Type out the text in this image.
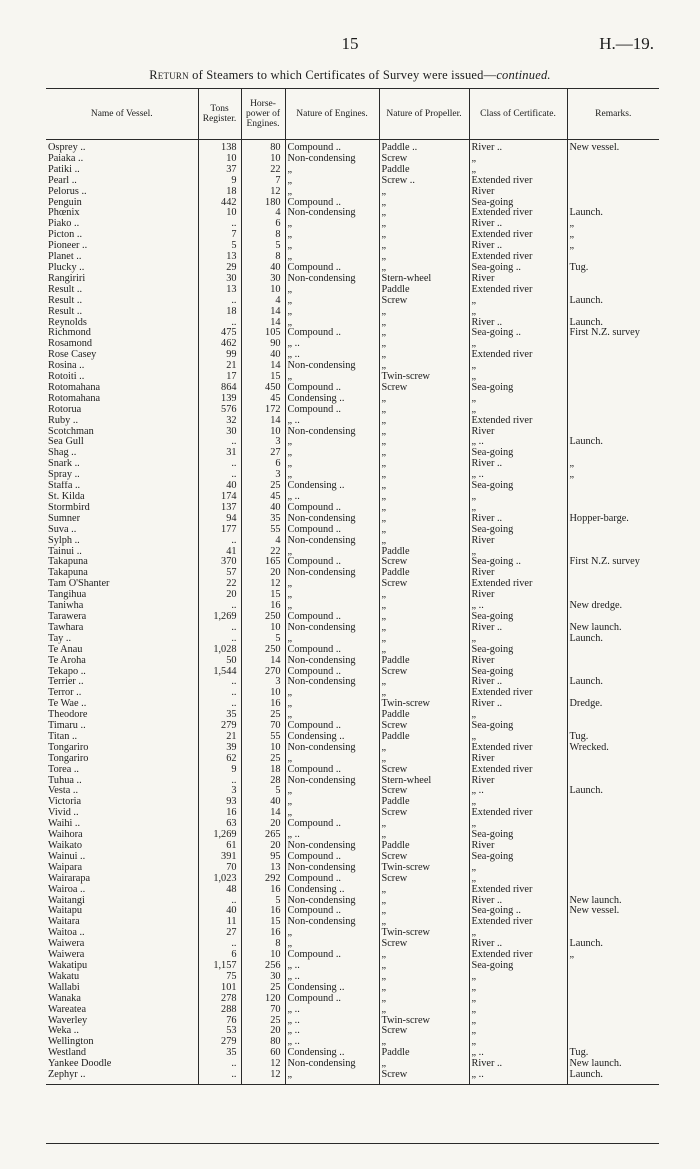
15	H.—19.
Return of Steamers to which Certificates of Survey were issued—continued.
Name of Vessel.	Tons Register.	Horse-power of Engines.	Nature of Engines.	Nature of Propeller.	Class of Certificate.	Remarks.
Osprey ..	138	80	Compound ..	Paddle ..	River ..	New vessel.
Paiaka ..	10	10	Non-condensing	Screw	„	
Patiki ..	37	22	„	Paddle	„	
Pearl ..	9	7	„	Screw ..	Extended river	
Pelorus ..	18	12	„	„	River	
Penguin	442	180	Compound ..	„	Sea-going	
Phœnix	10	4	Non-condensing	„	Extended river	Launch.
Piako ..	..	6	„	„	River ..	„
Picton ..	7	8	„	„	Extended river	„
Pioneer ..	5	5	„	„	River ..	„
Planet ..	13	8	„	„	Extended river	
Plucky ..	29	40	Compound ..	„	Sea-going ..	Tug.
Rangiriri	30	30	Non-condensing	Stern-wheel	River	
Result ..	13	10	„	Paddle	Extended river	
Result ..	..	4	„	Screw	„	Launch.
Result ..	18	14	„	„	„	
Reynolds	..	14	„	„	River ..	Launch.
Richmond	475	105	Compound ..	„	Sea-going ..	First N.Z. survey
Rosamond	462	90	„ ..	„	„	
Rose Casey	99	40	„ ..	„	Extended river	
Rosina ..	21	14	Non-condensing	„	„	
Rotoiti ..	17	15	„	Twin-screw	„	
Rotomahana	864	450	Compound ..	Screw	Sea-going	
Rotomahana	139	45	Condensing ..	„	„	
Rotorua	576	172	Compound ..	„	„	
Ruby ..	32	14	„ ..	„	Extended river	
Scotchman	30	10	Non-condensing	„	River	
Sea Gull	..	3	„	„	„ ..	Launch.
Shag ..	31	27	„	„	Sea-going	
Snark ..	..	6	„	„	River ..	„
Spray ..	..	3	„	„	„ ..	„
Staffa ..	40	25	Condensing ..	„	Sea-going	
St. Kilda	174	45	„ ..	„	„	
Stormbird	137	40	Compound ..	„	„	
Sumner	94	35	Non-condensing	„	River ..	Hopper-barge.
Suva ..	177	55	Compound ..	„	Sea-going	
Sylph ..	..	4	Non-condensing	„	River	
Tainui ..	41	22	„	Paddle	„	
Takapuna	370	165	Compound ..	Screw	Sea-going ..	First N.Z. survey
Takapuna	57	20	Non-condensing	Paddle	River	
Tam O'Shanter	22	12	„	Screw	Extended river	
Tangihua	20	15	„	„	River	
Taniwha	..	16	„	„	„ ..	New dredge.
Tarawera	1,269	250	Compound ..	„	Sea-going	
Tawhara	..	10	Non-condensing	„	River ..	New launch.
Tay ..	..	5	„	„	„	Launch.
Te Anau	1,028	250	Compound ..	„	Sea-going	
Te Aroha	50	14	Non-condensing	Paddle	River	
Tekapo ..	1,544	270	Compound ..	Screw	Sea-going	
Terrier ..	..	3	Non-condensing	„	River ..	Launch.
Terror ..	..	10	„	„	Extended river	
Te Wae ..	..	16	„	Twin-screw	River ..	Dredge.
Theodore	35	25	„	Paddle	„	
Timaru ..	279	70	Compound ..	Screw	Sea-going	
Titan ..	21	55	Condensing ..	Paddle	„	Tug.
Tongariro	39	10	Non-condensing	„	Extended river	Wrecked.
Tongariro	62	25	„	„	River	
Torea ..	9	18	Compound ..	Screw	Extended river	
Tuhua ..	..	28	Non-condensing	Stern-wheel	River	
Vesta ..	3	5	„	Screw	„ ..	Launch.
Victoria	93	40	„	Paddle	„	
Vivid ..	16	14	„	Screw	Extended river	
Waihi ..	63	20	Compound ..	„	„	
Waihora	1,269	265	„ ..	„	Sea-going	
Waikato	61	20	Non-condensing	Paddle	River	
Wainui ..	391	95	Compound ..	Screw	Sea-going	
Waipara	70	13	Non-condensing	Twin-screw	„	
Wairarapa	1,023	292	Compound ..	Screw	„	
Wairoa ..	48	16	Condensing ..	„	Extended river	
Waitangi	..	5	Non-condensing	„	River ..	New launch.
Waitapu	40	16	Compound ..	„	Sea-going ..	New vessel.
Waitara	11	15	Non-condensing	„	Extended river	
Waitoa ..	27	16	„	Twin-screw	„	
Waiwera	..	8	„	Screw	River ..	Launch.
Waiwera	6	10	Compound ..	„	Extended river	„
Wakatipu	1,157	256	„ ..	„	Sea-going	
Wakatu	75	30	„ ..	„	„	
Wallabi	101	25	Condensing ..	„	„	
Wanaka	278	120	Compound ..	„	„	
Wareatea	288	70	„ ..	„	„	
Waverley	76	25	„ ..	Twin-screw	„	
Weka ..	53	20	„ ..	Screw	„	
Wellington	279	80	„ ..	„	„	
Westland	35	60	Condensing ..	Paddle	„ ..	Tug.
Yankee Doodle	..	12	Non-condensing	„	River ..	New launch.
Zephyr ..	..	12	„	Screw	„ ..	Launch.
